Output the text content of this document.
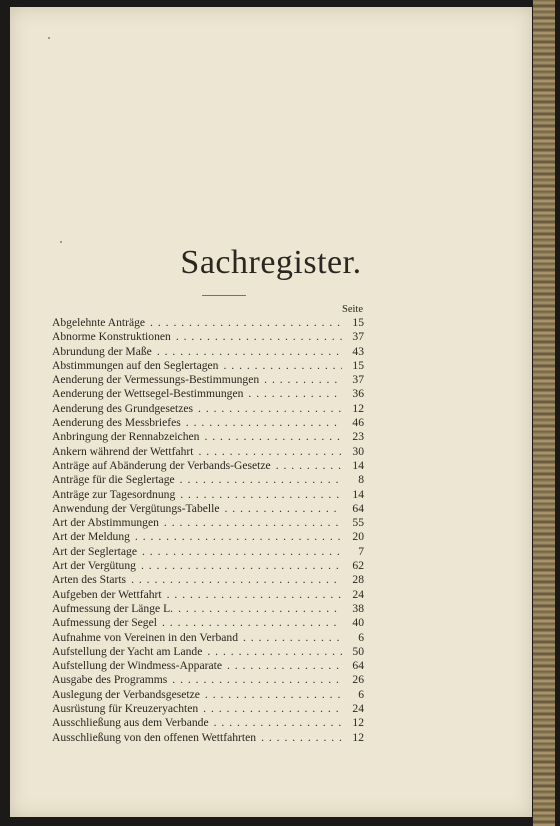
Sachregister.
Seite
Abgelehnte Anträge . . .	15
Abnorme Konstruktionen . . .	37
Abrundung der Maße . . .	43
Abstimmungen auf den Seglertagen . . .	15
Aenderung der Vermessungs-Bestimmungen . . .	37
Aenderung der Wettsegel-Bestimmungen . . .	36
Aenderung des Grundgesetzes . . .	12
Aenderung des Messbriefes . . .	46
Anbringung der Rennabzeichen . . .	23
Ankern während der Wettfahrt . . .	30
Anträge auf Abänderung der Verbands-Gesetze . . .	14
Anträge für die Seglertage . . .	8
Anträge zur Tagesordnung . . .	14
Anwendung der Vergütungs-Tabelle . . .	64
Art der Abstimmungen . . .	55
Art der Meldung . . .	20
Art der Seglertage . . .	7
Art der Vergütung . . .	62
Arten des Starts . . .	28
Aufgeben der Wettfahrt . . .	24
Aufmessung der Länge L. . . .	38
Aufmessung der Segel . . .	40
Aufnahme von Vereinen in den Verband . . .	6
Aufstellung der Yacht am Lande . . .	50
Aufstellung der Windmess-Apparate . . .	64
Ausgabe des Programms . . .	26
Auslegung der Verbandsgesetze . . .	6
Ausrüstung für Kreuzeryachten . . .	24
Ausschließung aus dem Verbande . . .	12
Ausschließung von den offenen Wettfahrten . . .	12
